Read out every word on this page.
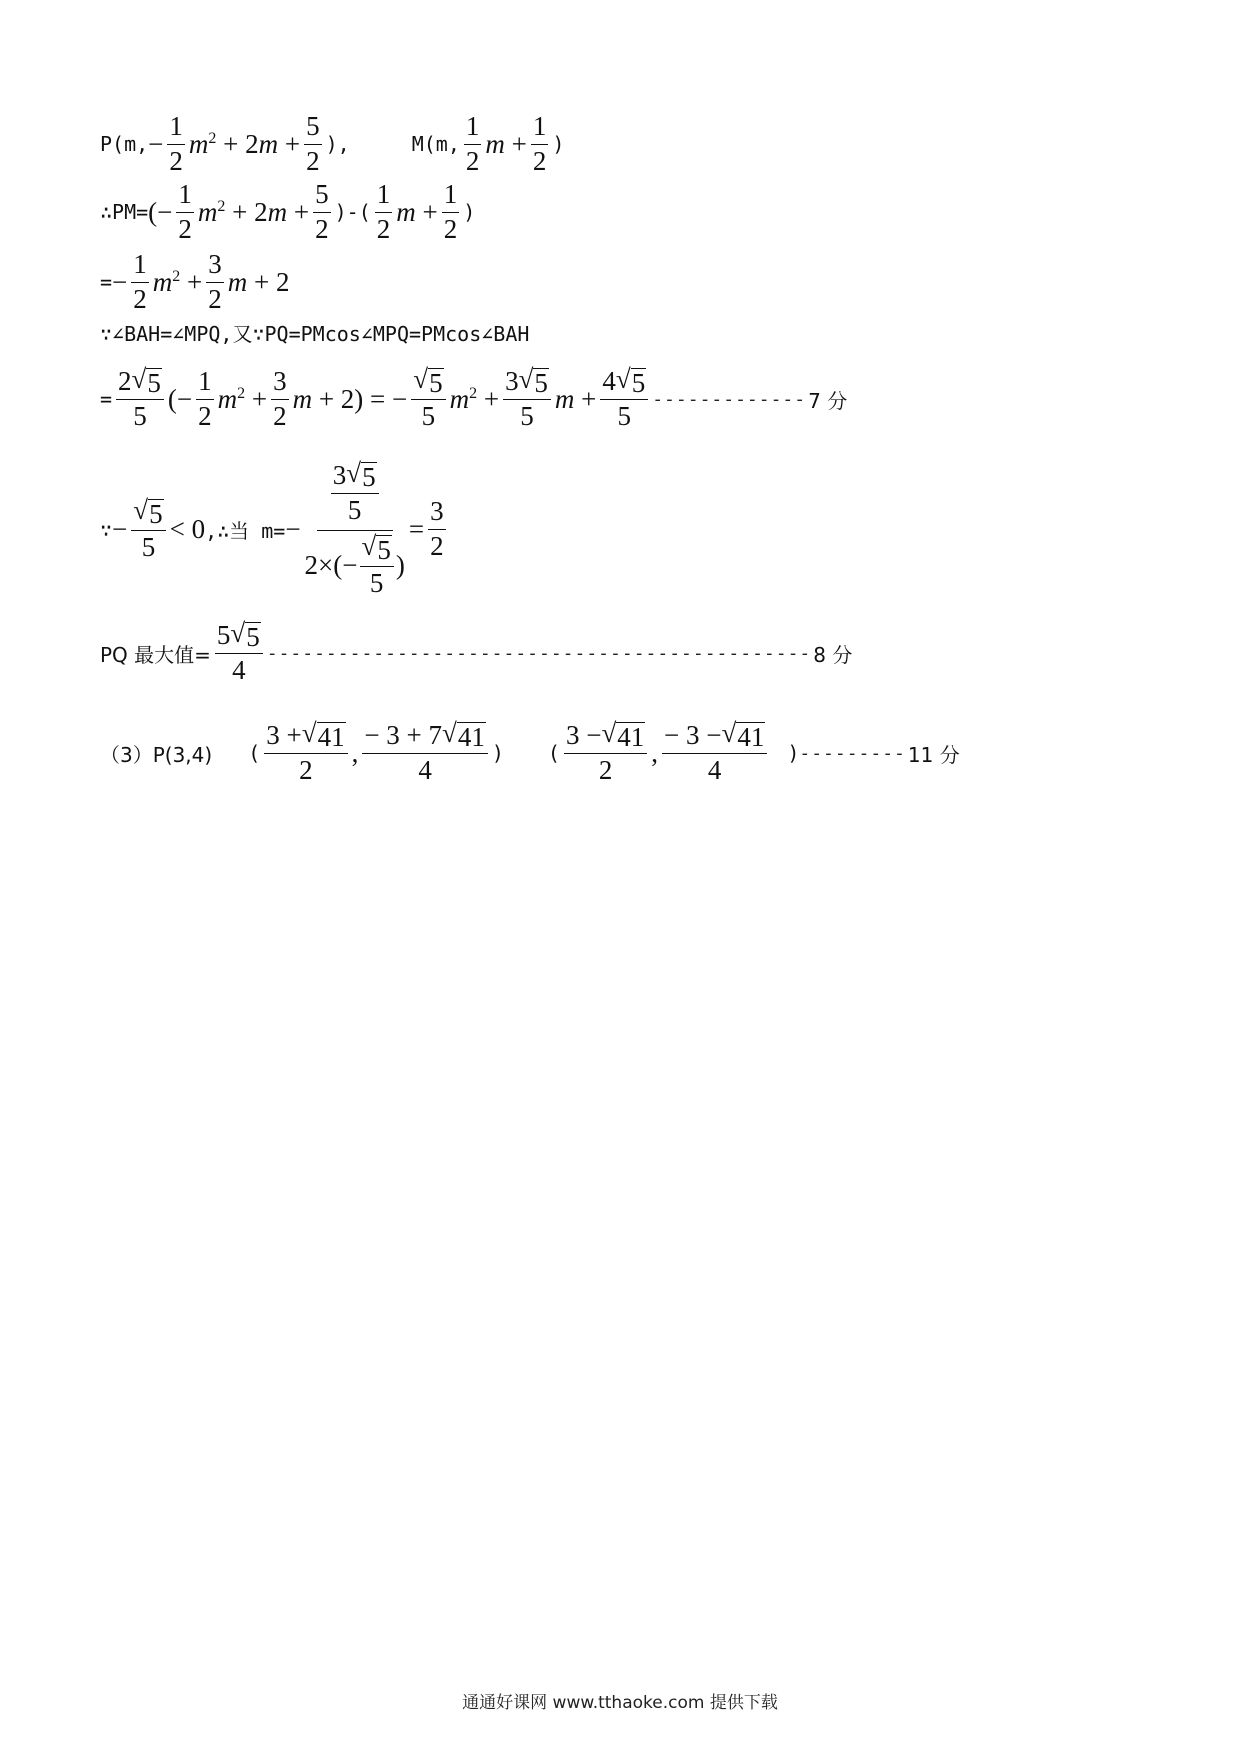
P(m, − $\frac{1}{2} m^2 + 2$ $m + \frac{5}{2}$ ),	M(m, $\frac{1}{2}$ $m + \frac{1}{2}$ )
∴PM= (− $\frac{1}{2} m^2 + 2$ $m + \frac{5}{2}$ )-( $\frac{1}{2}$ $m + \frac{1}{2}$ )
= − $\frac{1}{2} m^2 + \frac{3}{2}$ m + 2
∵∠BAH=∠MPQ,又∵PQ=PMcos∠MPQ=PMcos∠BAH
= $\frac{2 √ 5}{5}$ (− $\frac{1}{2} m^2 + \frac{3}{2}$ m + 2) = − $\frac{√ 5}{5} m^2 + \frac{3 √ 5}{5}$ $m + \frac{4 √ 5}{5}$ ------------- 7 分
∵ − $\frac{√ 5}{5} < 0$ ,∴当 $m= - \frac{\frac{3 √ 5}{5}}{2\times(- \frac{√ 5}{5} )} = \frac{3}{2}$
PQ 最大值= $\frac{5 √ 5}{4}$ ---------------------------------------------- 8 分
（3）P(3,4) ( $\frac{3 + √ 41}{2}$ , $\frac{- 3 + 7 √ 41}{4}$ ) ( $\frac{3 - √ 41}{2}$ , $\frac{- 3 - √ 41}{4}$ ) --------- 11 分
通通好课网 www.tthaoke.com 提供下载
